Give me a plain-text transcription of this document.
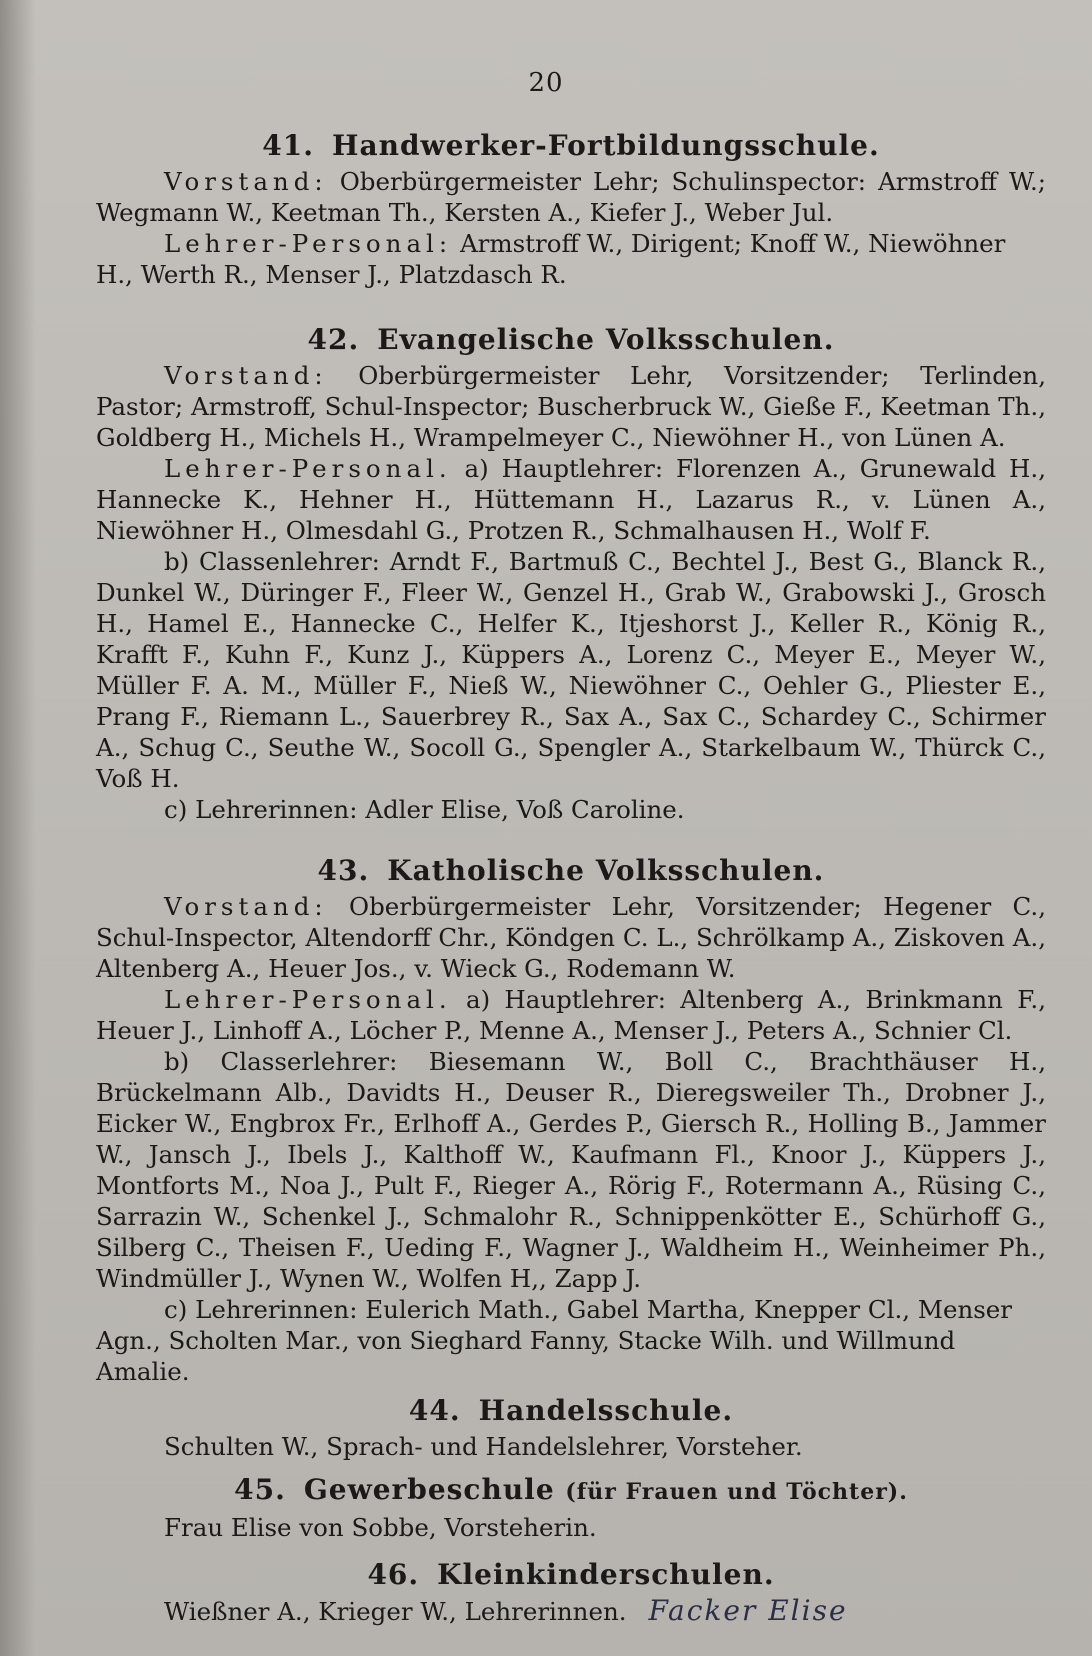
20
41. Handwerker-Fortbildungsschule.

Vorstand: Oberbürgermeister Lehr; Schulinspector: Armstroff W.; Wegmann W., Keetman Th., Kersten A., Kiefer J., Weber Jul.

Lehrer-Personal: Armstroff W., Dirigent; Knoff W., Niewöhner H., Werth R., Menser J., Platzdasch R.

42. Evangelische Volksschulen.

Vorstand: Oberbürgermeister Lehr, Vorsitzender; Terlinden, Pastor; Armstroff, Schul-Inspector; Buscherbruck W., Gieße F., Keetman Th., Goldberg H., Michels H., Wrampelmeyer C., Niewöhner H., von Lünen A.

Lehrer-Personal. a) Hauptlehrer: Florenzen A., Grunewald H., Hannecke K., Hehner H., Hüttemann H., Lazarus R., v. Lünen A., Niewöhner H., Olmesdahl G., Protzen R., Schmalhausen H., Wolf F.

b) Classenlehrer: Arndt F., Bartmuß C., Bechtel J., Best G., Blanck R., Dunkel W., Düringer F., Fleer W., Genzel H., Grab W., Grabowski J., Grosch H., Hamel E., Hannecke C., Helfer K., Itjeshorst J., Keller R., König R., Krafft F., Kuhn F., Kunz J., Küppers A., Lorenz C., Meyer E., Meyer W., Müller F. A. M., Müller F., Nieß W., Niewöhner C., Oehler G., Pliester E., Prang F., Riemann L., Sauerbrey R., Sax A., Sax C., Schardey C., Schirmer A., Schug C., Seuthe W., Socoll G., Spengler A., Starkelbaum W., Thürck C., Voß H.

c) Lehrerinnen: Adler Elise, Voß Caroline.

43. Katholische Volksschulen.

Vorstand: Oberbürgermeister Lehr, Vorsitzender; Hegener C., Schul-Inspector, Altendorff Chr., Köndgen C. L., Schrölkamp A., Ziskoven A., Altenberg A., Heuer Jos., v. Wieck G., Rodemann W.

Lehrer-Personal. a) Hauptlehrer: Altenberg A., Brinkmann F., Heuer J., Linhoff A., Löcher P., Menne A., Menser J., Peters A., Schnier Cl.

b) Classerlehrer: Biesemann W., Boll C., Brachthäuser H., Brückelmann Alb., Davidts H., Deuser R., Dieregsweiler Th., Drobner J., Eicker W., Engbrox Fr., Erlhoff A., Gerdes P., Giersch R., Holling B., Jammer W., Jansch J., Ibels J., Kalthoff W., Kaufmann Fl., Knoor J., Küppers J., Montforts M., Noa J., Pult F., Rieger A., Rörig F., Rotermann A., Rüsing C., Sarrazin W., Schenkel J., Schmalohr R., Schnippenkötter E., Schürhoff G., Silberg C., Theisen F., Ueding F., Wagner J., Waldheim H., Weinheimer Ph., Windmüller J., Wynen W., Wolfen H,, Zapp J.

c) Lehrerinnen: Eulerich Math., Gabel Martha, Knepper Cl., Menser Agn., Scholten Mar., von Sieghard Fanny, Stacke Wilh. und Willmund Amalie.

44. Handelsschule.

Schulten W., Sprach- und Handelslehrer, Vorsteher.

45. Gewerbeschule (für Frauen und Töchter).

Frau Elise von Sobbe, Vorsteherin.

46. Kleinkinderschulen.

Wießner A., Krieger W., Lehrerinnen. Facker Elise
